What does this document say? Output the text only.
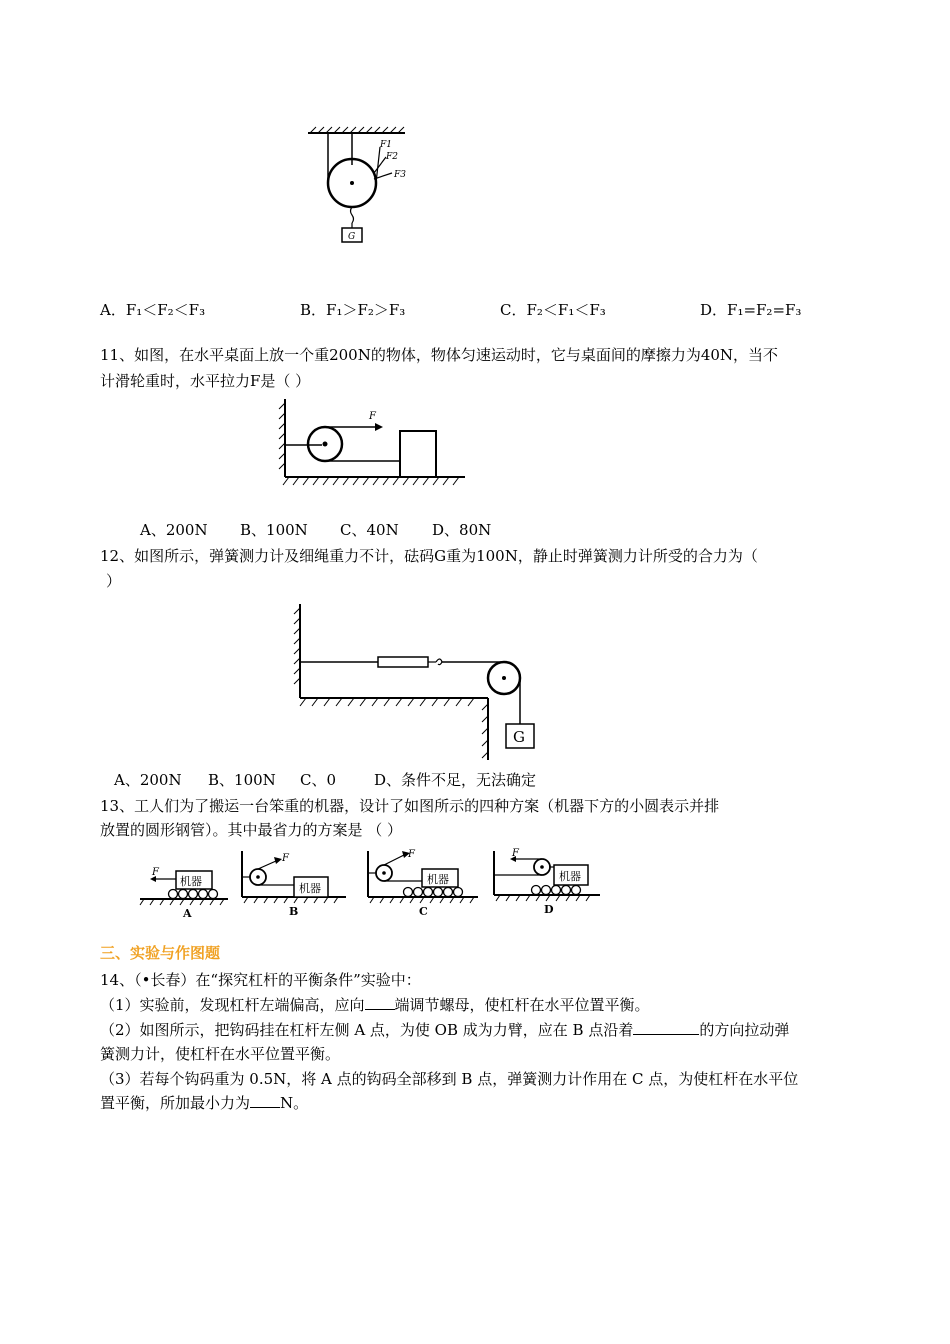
F1
F2
F3
G
A．F₁＜F₂＜F₃	B．F₁＞F₂＞F₃	C．F₂＜F₁＜F₃	D．F₁=F₂=F₃
11、如图，在水平桌面上放一个重200N的物体，物体匀速运动时，它与桌面间的摩擦力为40N，当不
计滑轮重时，水平拉力F是（ ）
F
A、200N B、100N C、40N D、80N
12、如图所示，弹簧测力计及细绳重力不计，砝码G重为100N，静止时弹簧测力计所受的合力为（
）
G
A、200N B、100N C、0	D、条件不足，无法确定
13、工人们为了搬运一台笨重的机器，设计了如图所示的四种方案（机器下方的小圆表示并排
放置的圆形钢管）。其中最省力的方案是 （ ）
机器
F
A
F
机器
B
F
机器
C
F
机器
D
三、实验与作图题
14、（•长春）在“探究杠杆的平衡条件”实验中：
（1）实验前，发现杠杆左端偏高，应向 端调节螺母，使杠杆在水平位置平衡。
（2）如图所示，把钩码挂在杠杆左侧 A 点，为使 OB 成为力臂，应在 B 点沿着	的方向拉动弹
簧测力计，使杠杆在水平位置平衡。
（3）若每个钩码重为 0.5N，将 A 点的钩码全部移到 B 点，弹簧测力计作用在 C 点，为使杠杆在水平位
置平衡，所加最小力为 N。
